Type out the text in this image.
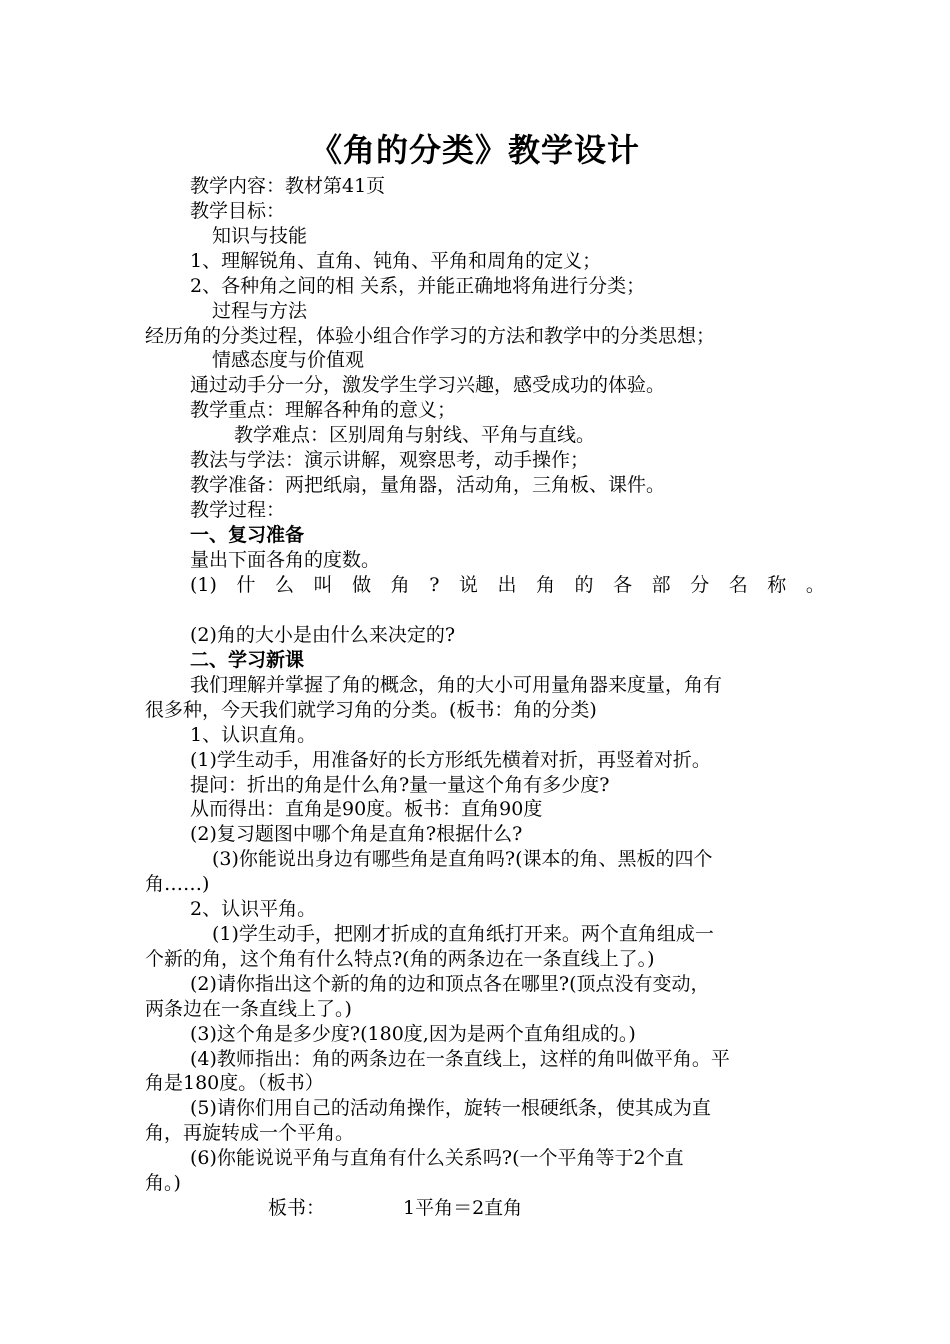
《角的分类》教学设计

教学内容：教材第41页

教学目标：

知识与技能

1、理解锐角、直角、钝角、平角和周角的定义；

2、各种角之间的相 关系，并能正确地将角进行分类；

过程与方法

经历角的分类过程，体验小组合作学习的方法和教学中的分类思想；

情感态度与价值观

通过动手分一分，激发学生学习兴趣，感受成功的体验。

教学重点：理解各种角的意义；

教学难点：区别周角与射线、平角与直线。

教法与学法：演示讲解，观察思考，动手操作；

教学准备：两把纸扇，量角器，活动角，三角板、课件。

教学过程：

一、复习准备

量出下面各角的度数。

(1) 什 么 叫 做 角 ? 说 出 角 的 各 部 分 名 称 。

(2)角的大小是由什么来决定的?

二、学习新课

我们理解并掌握了角的概念，角的大小可用量角器来度量，角有

很多种，今天我们就学习角的分类。(板书：角的分类)

1、认识直角。

(1)学生动手，用准备好的长方形纸先横着对折，再竖着对折。

提问：折出的角是什么角?量一量这个角有多少度?

从而得出：直角是90度。板书：直角90度

(2)复习题图中哪个角是直角?根据什么?

(3)你能说出身边有哪些角是直角吗?(课本的角、黑板的四个

角……)

2、认识平角。

(1)学生动手，把刚才折成的直角纸打开来。两个直角组成一

个新的角，这个角有什么特点?(角的两条边在一条直线上了。)

(2)请你指出这个新的角的边和顶点各在哪里?(顶点没有变动，

两条边在一条直线上了。)

(3)这个角是多少度?(180度,因为是两个直角组成的。)

(4)教师指出：角的两条边在一条直线上，这样的角叫做平角。平

角是180度。（板书）

(5)请你们用自己的活动角操作，旋转一根硬纸条，使其成为直

角，再旋转成一个平角。

(6)你能说说平角与直角有什么关系吗?(一个平角等于2个直

角。)

板书：	1平角＝2直角
